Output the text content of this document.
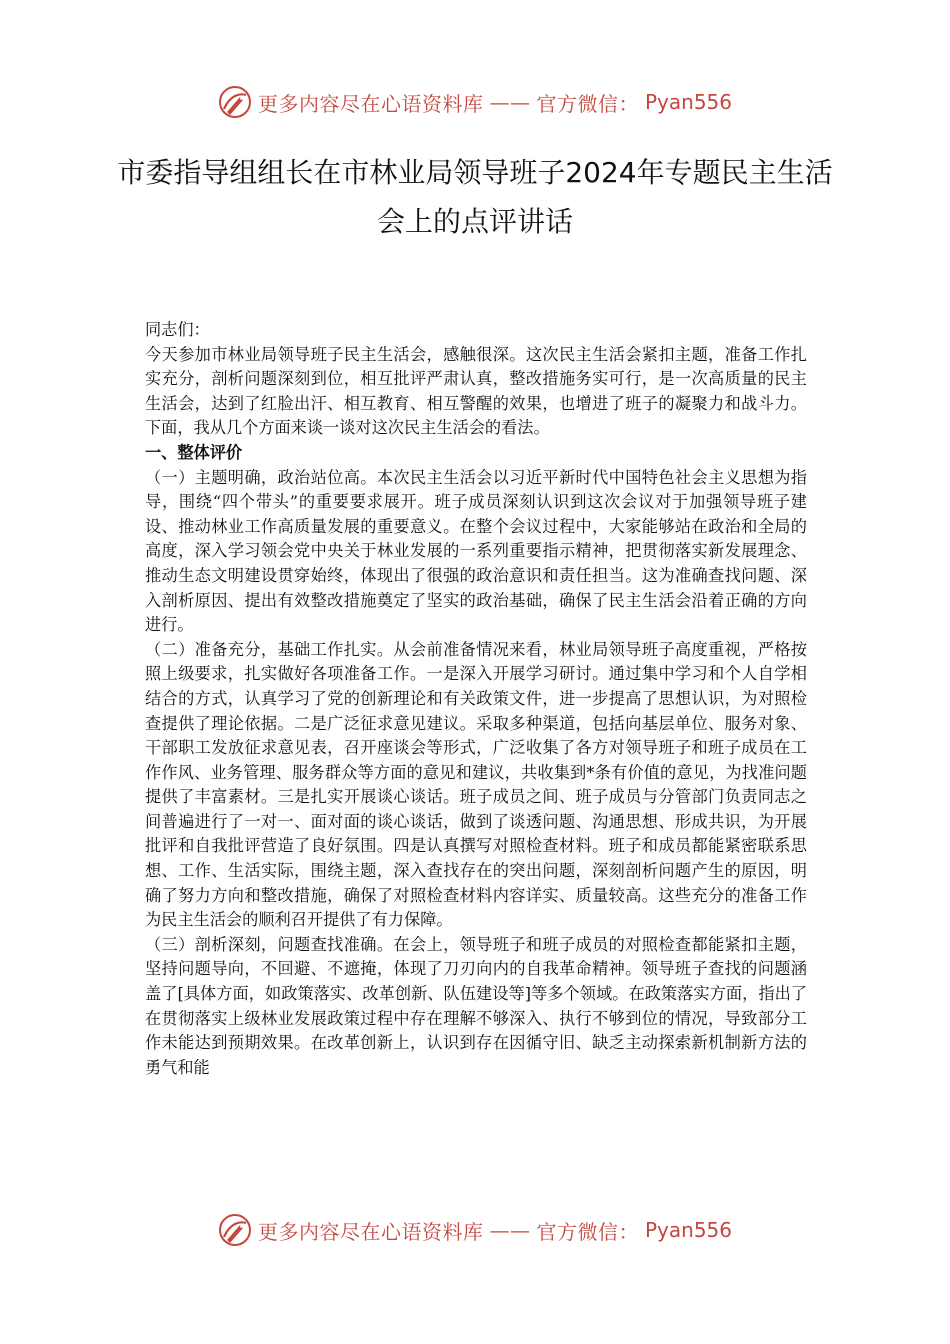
更多内容尽在心语资料库 —— 官方微信： Pyan556
市委指导组组长在市林业局领导班子2024年专题民主生活会上的点评讲话

同志们：

今天参加市林业局领导班子民主生活会，感触很深。这次民主生活会紧扣主题，准备工作扎实充分，剖析问题深刻到位，相互批评严肃认真，整改措施务实可行，是一次高质量的民主生活会，达到了红脸出汗、相互教育、相互警醒的效果，也增进了班子的凝聚力和战斗力。下面，我从几个方面来谈一谈对这次民主生活会的看法。

一、整体评价

（一）主题明确，政治站位高。本次民主生活会以习近平新时代中国特色社会主义思想为指导，围绕“四个带头”的重要要求展开。班子成员深刻认识到这次会议对于加强领导班子建设、推动林业工作高质量发展的重要意义。在整个会议过程中，大家能够站在政治和全局的高度，深入学习领会党中央关于林业发展的一系列重要指示精神，把贯彻落实新发展理念、推动生态文明建设贯穿始终，体现出了很强的政治意识和责任担当。这为准确查找问题、深入剖析原因、提出有效整改措施奠定了坚实的政治基础，确保了民主生活会沿着正确的方向进行。

（二）准备充分，基础工作扎实。从会前准备情况来看，林业局领导班子高度重视，严格按照上级要求，扎实做好各项准备工作。一是深入开展学习研讨。通过集中学习和个人自学相结合的方式，认真学习了党的创新理论和有关政策文件，进一步提高了思想认识，为对照检查提供了理论依据。二是广泛征求意见建议。采取多种渠道，包括向基层单位、服务对象、干部职工发放征求意见表，召开座谈会等形式，广泛收集了各方对领导班子和班子成员在工作作风、业务管理、服务群众等方面的意见和建议，共收集到*条有价值的意见，为找准问题提供了丰富素材。三是扎实开展谈心谈话。班子成员之间、班子成员与分管部门负责同志之间普遍进行了一对一、面对面的谈心谈话，做到了谈透问题、沟通思想、形成共识，为开展批评和自我批评营造了良好氛围。四是认真撰写对照检查材料。班子和成员都能紧密联系思想、工作、生活实际，围绕主题，深入查找存在的突出问题，深刻剖析问题产生的原因，明确了努力方向和整改措施，确保了对照检查材料内容详实、质量较高。这些充分的准备工作为民主生活会的顺利召开提供了有力保障。

（三）剖析深刻，问题查找准确。在会上，领导班子和班子成员的对照检查都能紧扣主题，坚持问题导向，不回避、不遮掩，体现了刀刃向内的自我革命精神。领导班子查找的问题涵盖了[具体方面，如政策落实、改革创新、队伍建设等]等多个领域。在政策落实方面，指出了在贯彻落实上级林业发展政策过程中存在理解不够深入、执行不够到位的情况，导致部分工作未能达到预期效果。在改革创新上，认识到存在因循守旧、缺乏主动探索新机制新方法的勇气和能

更多内容尽在心语资料库 —— 官方微信： Pyan556
